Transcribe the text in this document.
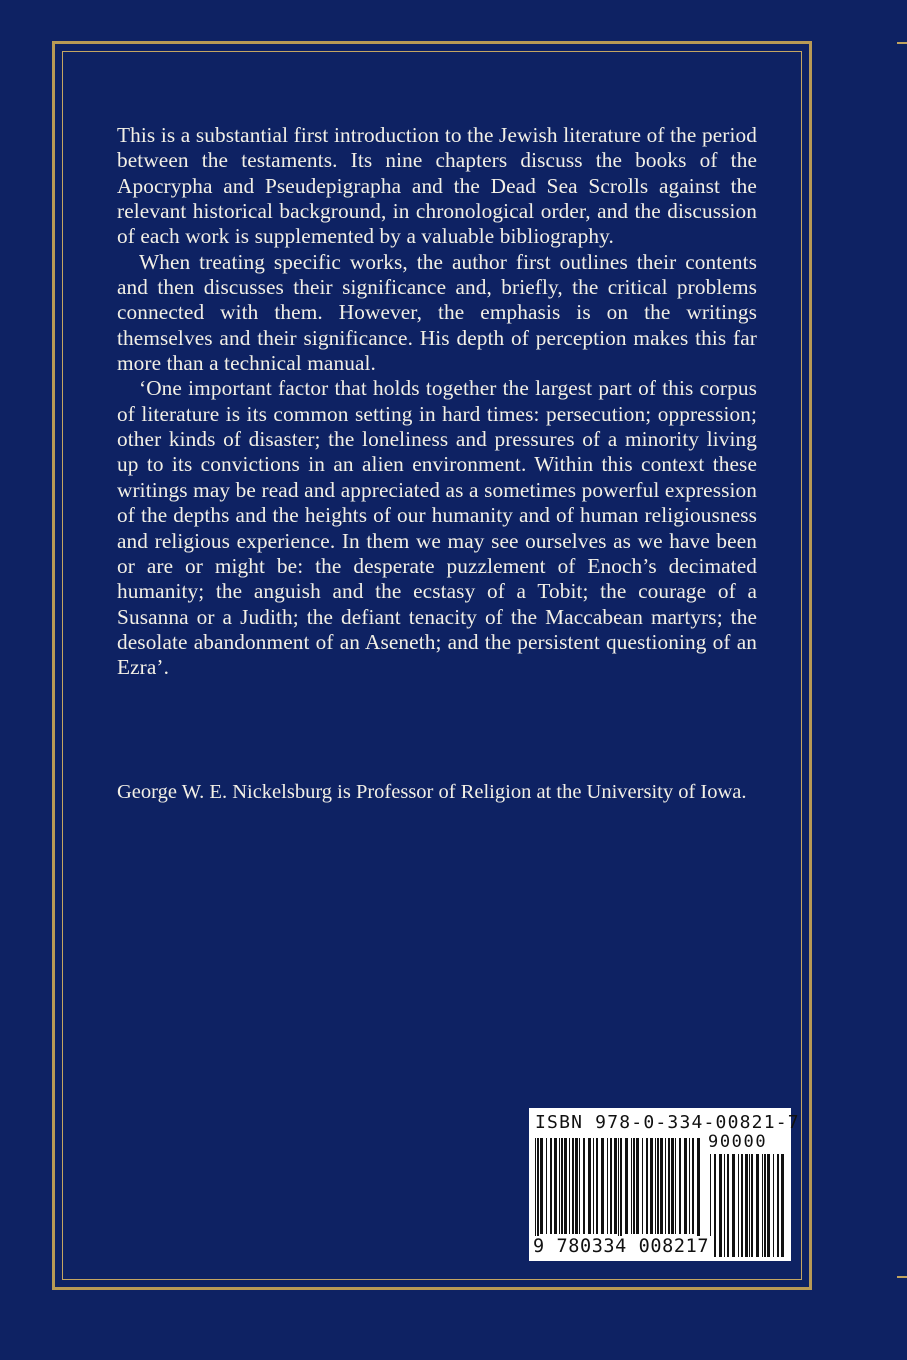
This is a substantial first introduction to the Jewish literature of the period between the testaments. Its nine chapters discuss the books of the Apocrypha and Pseudepigrapha and the Dead Sea Scrolls against the relevant historical background, in chronological order, and the discussion of each work is supplemented by a valuable bibliography.

When treating specific works, the author first outlines their contents and then discusses their significance and, briefly, the critical problems connected with them. However, the emphasis is on the writings themselves and their significance. His depth of perception makes this far more than a technical manual.

‘One important factor that holds together the largest part of this corpus of literature is its common setting in hard times: persecution; oppression; other kinds of disaster; the loneliness and pressures of a minority living up to its convictions in an alien environment. Within this context these writings may be read and appreciated as a sometimes powerful expression of the depths and the heights of our humanity and of human religiousness and religious experience. In them we may see ourselves as we have been or are or might be: the desperate puzzlement of Enoch’s decimated humanity; the anguish and the ecstasy of a Tobit; the courage of a Susanna or a Judith; the defiant tenacity of the Maccabean martyrs; the desolate abandonment of an Aseneth; and the persistent questioning of an Ezra’.

George W. E. Nickelsburg is Professor of Religion at the University of Iowa.

ISBN 978-0-334-00821-7
90000
9 780334 008217
